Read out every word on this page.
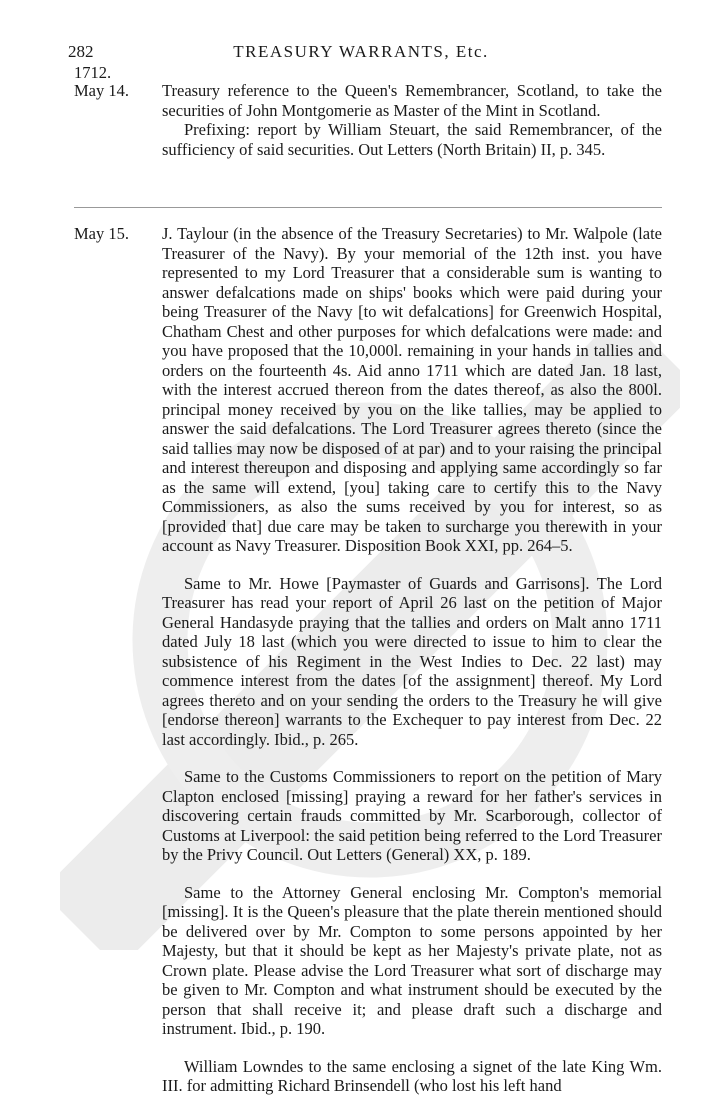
282	TREASURY WARRANTS, Etc.
1712.
May 14.	Treasury reference to the Queen's Remembrancer, Scotland, to take the securities of John Montgomerie as Master of the Mint in Scotland.

Prefixing: report by William Steuart, the said Remembrancer, of the sufficiency of said securities. Out Letters (North Britain) II, p. 345.

May 15.	J. Taylour (in the absence of the Treasury Secretaries) to Mr. Walpole (late Treasurer of the Navy). By your memorial of the 12th inst. you have represented to my Lord Treasurer that a considerable sum is wanting to answer defalcations made on ships' books which were paid during your being Treasurer of the Navy [to wit defalcations] for Greenwich Hospital, Chatham Chest and other purposes for which defalcations were made: and you have proposed that the 10,000l. remaining in your hands in tallies and orders on the fourteenth 4s. Aid anno 1711 which are dated Jan. 18 last, with the interest accrued thereon from the dates thereof, as also the 800l. principal money received by you on the like tallies, may be applied to answer the said defalcations. The Lord Treasurer agrees thereto (since the said tallies may now be disposed of at par) and to your raising the principal and interest thereupon and disposing and applying same accordingly so far as the same will extend, [you] taking care to certify this to the Navy Commissioners, as also the sums received by you for interest, so as [provided that] due care may be taken to surcharge you therewith in your account as Navy Treasurer. Disposition Book XXI, pp. 264–5.

Same to Mr. Howe [Paymaster of Guards and Garrisons]. The Lord Treasurer has read your report of April 26 last on the petition of Major General Handasyde praying that the tallies and orders on Malt anno 1711 dated July 18 last (which you were directed to issue to him to clear the subsistence of his Regiment in the West Indies to Dec. 22 last) may commence interest from the dates [of the assignment] thereof. My Lord agrees thereto and on your sending the orders to the Treasury he will give [endorse thereon] warrants to the Exchequer to pay interest from Dec. 22 last accordingly. Ibid., p. 265.

Same to the Customs Commissioners to report on the petition of Mary Clapton enclosed [missing] praying a reward for her father's services in discovering certain frauds committed by Mr. Scarborough, collector of Customs at Liverpool: the said petition being referred to the Lord Treasurer by the Privy Council. Out Letters (General) XX, p. 189.

Same to the Attorney General enclosing Mr. Compton's memorial [missing]. It is the Queen's pleasure that the plate therein mentioned should be delivered over by Mr. Compton to some persons appointed by her Majesty, but that it should be kept as her Majesty's private plate, not as Crown plate. Please advise the Lord Treasurer what sort of discharge may be given to Mr. Compton and what instrument should be executed by the person that shall receive it; and please draft such a discharge and instrument. Ibid., p. 190.

William Lowndes to the same enclosing a signet of the late King Wm. III. for admitting Richard Brinsendell (who lost his left hand
